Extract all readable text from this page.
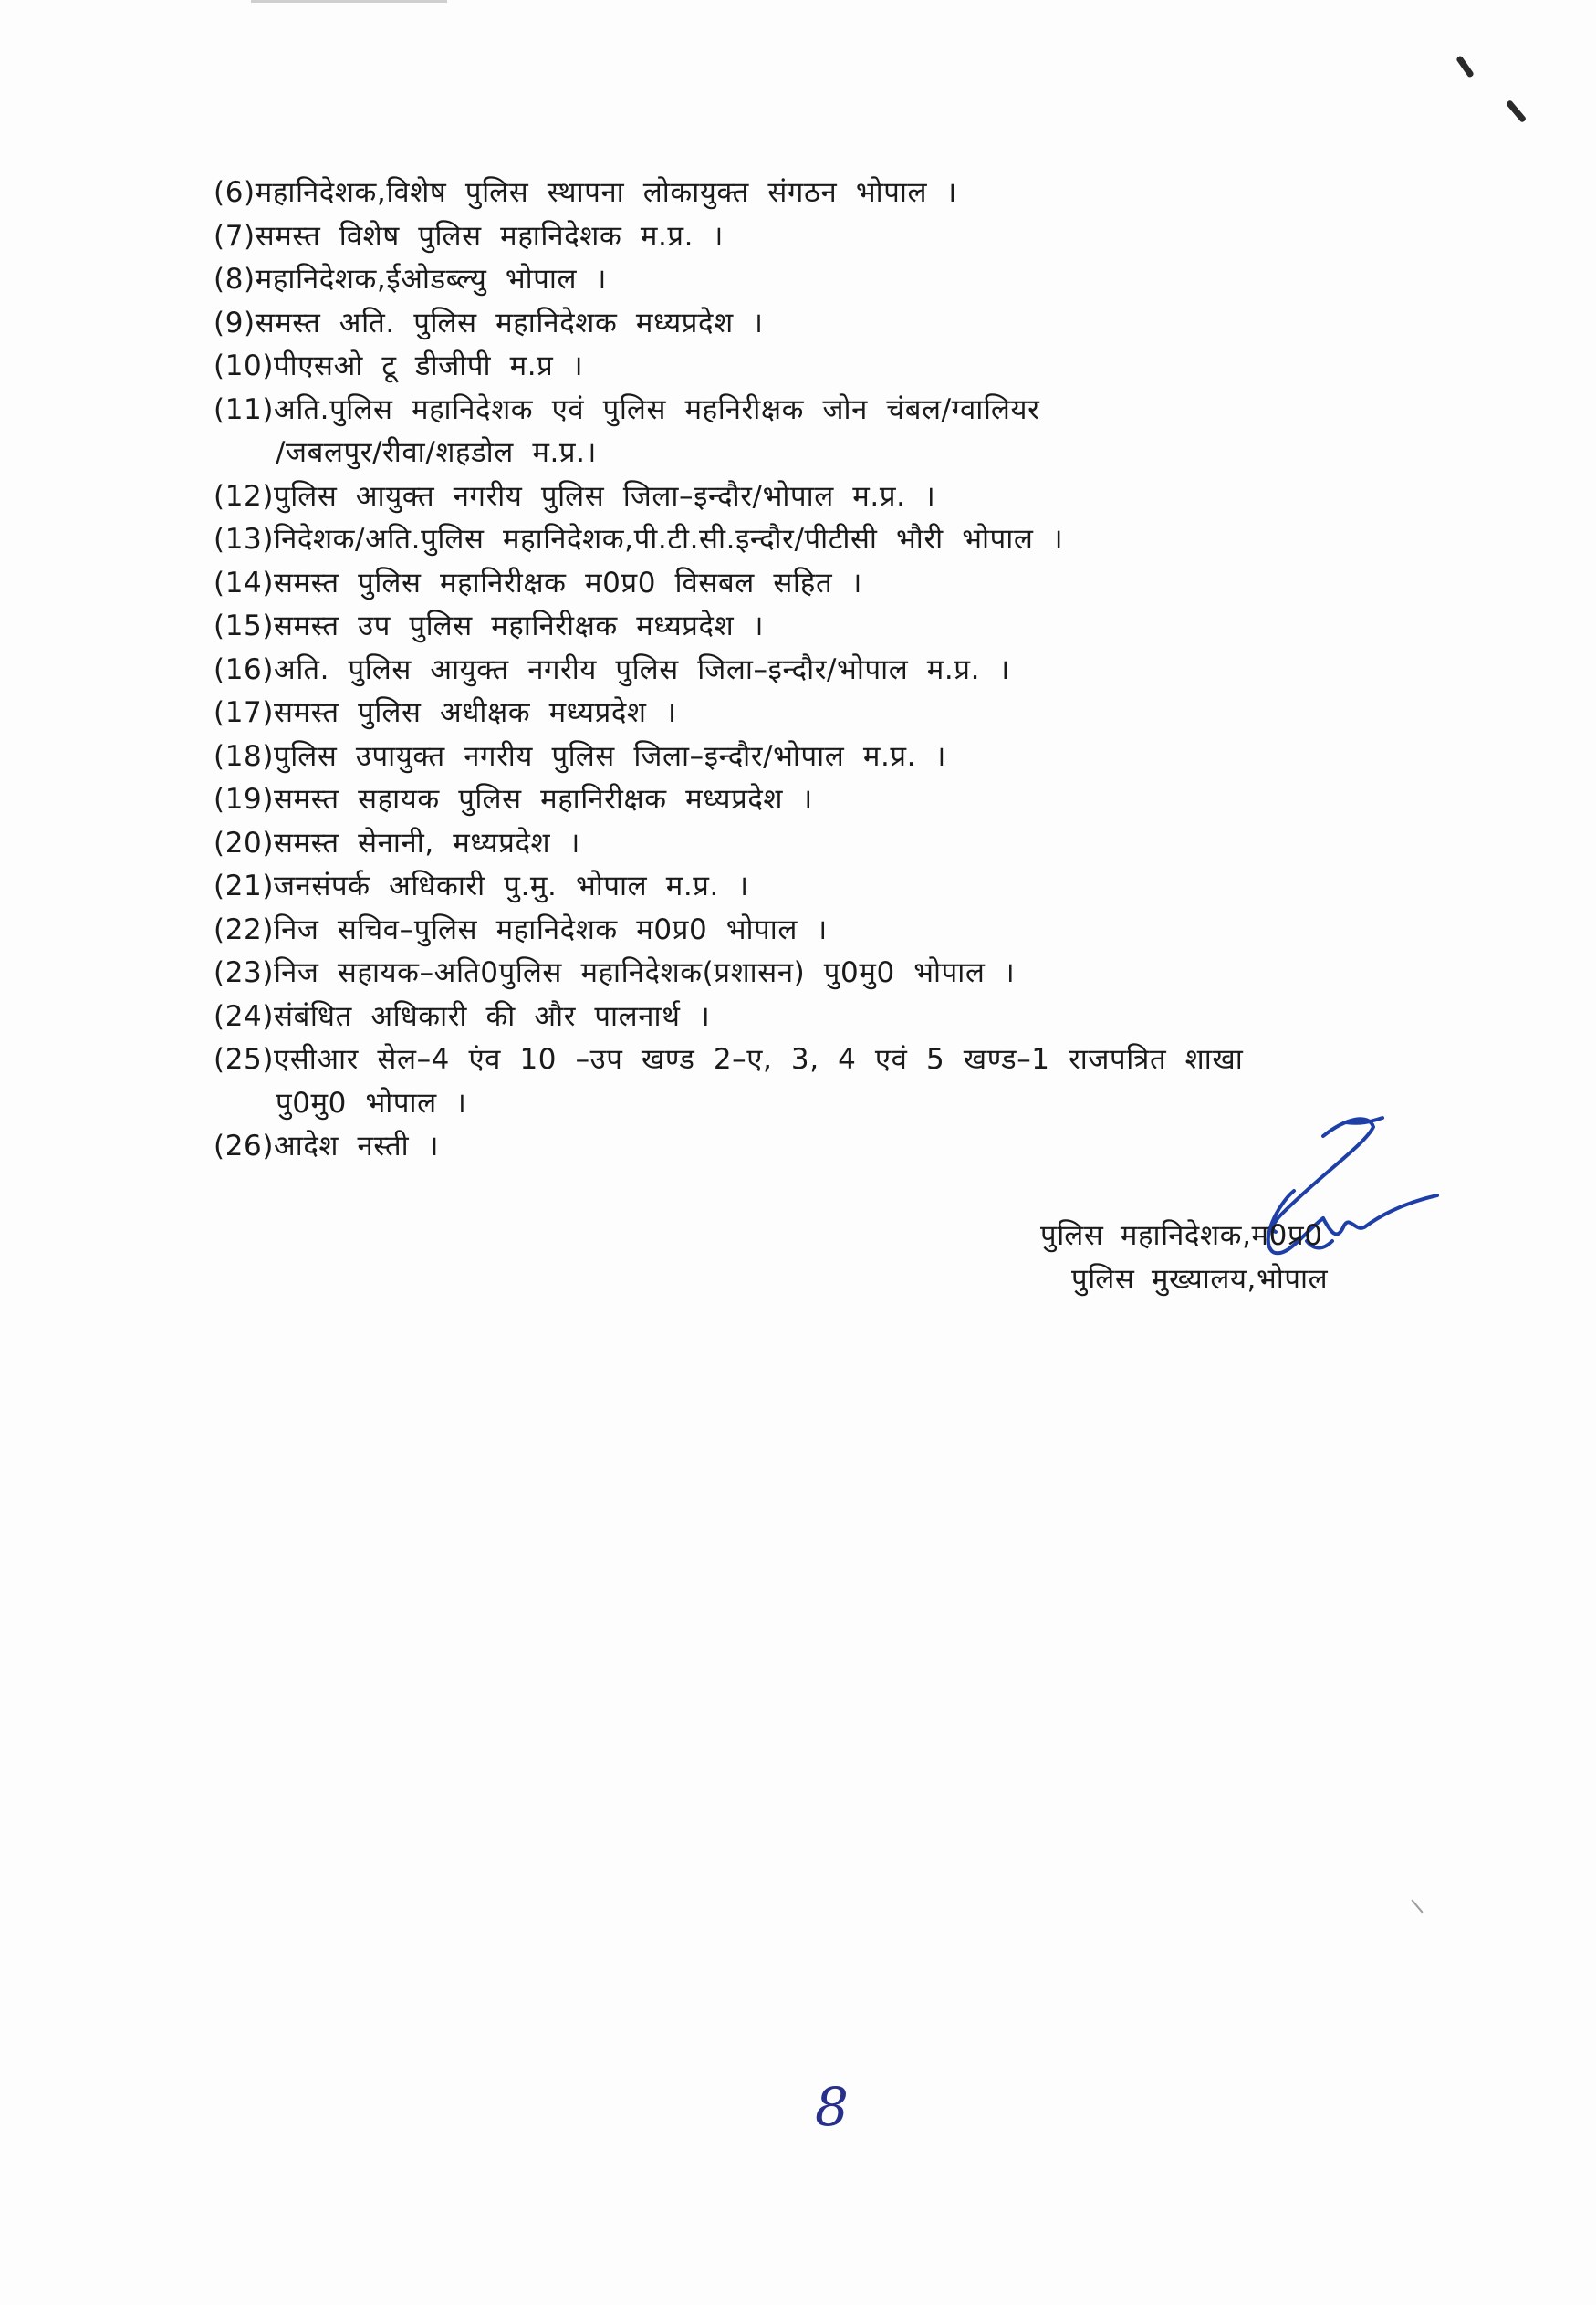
(6) महानिदेशक,विशेष पुलिस स्थापना लोकायुक्त संगठन भोपाल ।
(7) समस्त विशेष पुलिस महानिदेशक म.प्र. ।
(8) महानिदेशक,ईओडब्ल्यु भोपाल ।
(9) समस्त अति. पुलिस महानिदेशक मध्यप्रदेश ।
(10) पीएसओ टू डीजीपी म.प्र ।
(11)अति.पुलिस महानिदेशक एवं पुलिस महनिरीक्षक जोन चंबल/ग्वालियर
/जबलपुर/रीवा/शहडोल म.प्र.।
(12) पुलिस आयुक्त नगरीय पुलिस जिला–इन्दौर/भोपाल म.प्र. ।
(13) निदेशक/अति.पुलिस महानिदेशक,पी.टी.सी.इन्दौर/पीटीसी भौरी भोपाल ।
(14) समस्त पुलिस महानिरीक्षक म0प्र0 विसबल सहित ।
(15) समस्त उप पुलिस महानिरीक्षक मध्यप्रदेश ।
(16) अति. पुलिस आयुक्त नगरीय पुलिस जिला–इन्दौर/भोपाल म.प्र. ।
(17) समस्त पुलिस अधीक्षक मध्यप्रदेश ।
(18) पुलिस उपायुक्त नगरीय पुलिस जिला–इन्दौर/भोपाल म.प्र. ।
(19) समस्त सहायक पुलिस महानिरीक्षक मध्यप्रदेश ।
(20) समस्त सेनानी, मध्यप्रदेश ।
(21) जनसंपर्क अधिकारी पु.मु. भोपाल म.प्र. ।
(22) निज सचिव–पुलिस महानिदेशक म0प्र0 भोपाल ।
(23) निज सहायक–अति0पुलिस महानिदेशक(प्रशासन) पु0मु0 भोपाल ।
(24) संबंधित अधिकारी की और पालनार्थ ।
(25)एसीआर सेल–4 एंव 10 –उप खण्ड 2–ए, 3, 4 एवं 5 खण्ड–1 राजपत्रित शाखा
पु0मु0 भोपाल ।
(26) आदेश नस्ती ।
पुलिस महानिदेशक,म0प्र0
पुलिस मुख्यालय,भोपाल
8
